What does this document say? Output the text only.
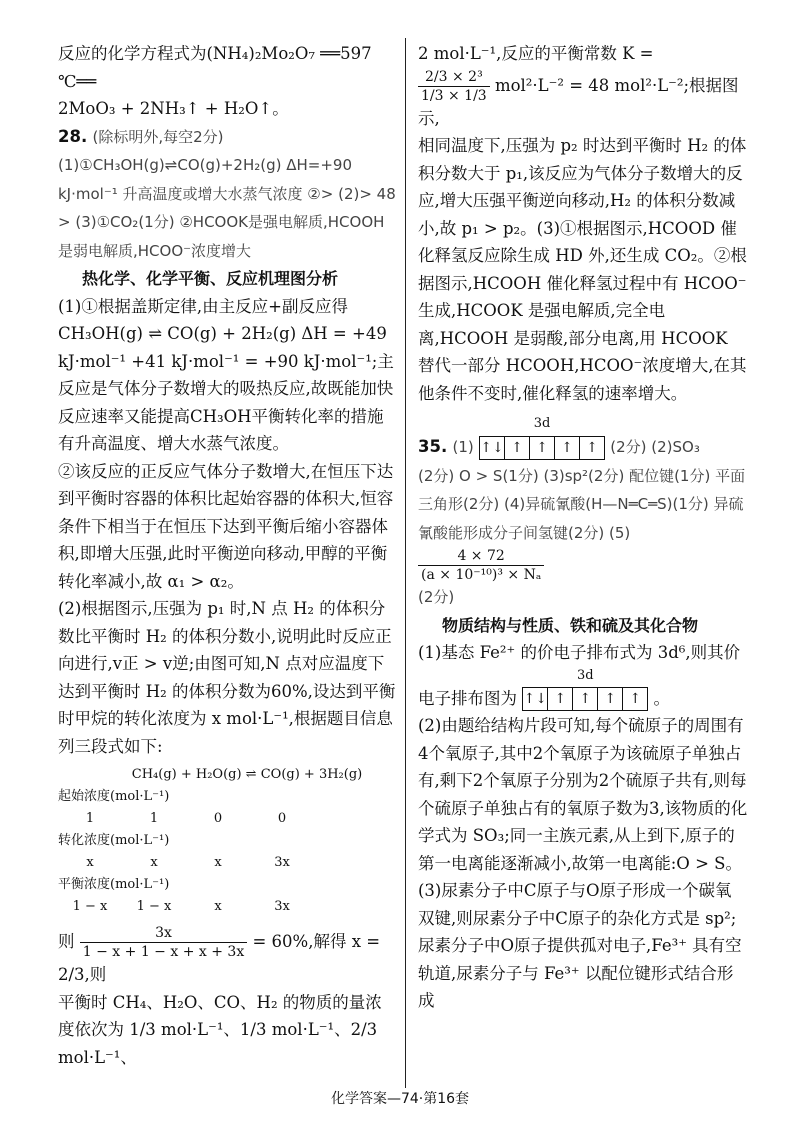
反应的化学方程式为(NH₄)₂Mo₂O₇ ══597 ℃══

2MoO₃ + 2NH₃↑ + H₂O↑。

28. (除标明外,每空2分)(1)①CH₃OH(g)⇌CO(g)+2H₂(g) ΔH=+90 kJ·mol⁻¹ 升高温度或增大水蒸气浓度 ②> (2)> 48 > (3)①CO₂(1分) ②HCOOK是强电解质,HCOOH是弱电解质,HCOO⁻浓度增大

热化学、化学平衡、反应机理图分析

(1)①根据盖斯定律,由主反应+副反应得 CH₃OH(g) ⇌ CO(g) + 2H₂(g) ΔH = +49 kJ·mol⁻¹ +41 kJ·mol⁻¹ = +90 kJ·mol⁻¹;主反应是气体分子数增大的吸热反应,故既能加快反应速率又能提高CH₃OH平衡转化率的措施有升高温度、增大水蒸气浓度。

②该反应的正反应气体分子数增大,在恒压下达到平衡时容器的体积比起始容器的体积大,恒容条件下相当于在恒压下达到平衡后缩小容器体积,即增大压强,此时平衡逆向移动,甲醇的平衡转化率减小,故 α₁ > α₂。

(2)根据图示,压强为 p₁ 时,N 点 H₂ 的体积分数比平衡时 H₂ 的体积分数小,说明此时反应正向进行,v正 > v逆;由图可知,N 点对应温度下达到平衡时 H₂ 的体积分数为60%,设达到平衡时甲烷的转化浓度为 x mol·L⁻¹,根据题目信息列三段式如下:

CH₄(g) + H₂O(g) ⇌ CO(g) + 3H₂(g)
起始浓度(mol·L⁻¹)
1	1	0	0
转化浓度(mol·L⁻¹)
x	x	x	3x
平衡浓度(mol·L⁻¹)
1 − x	1 − x	x	3x

则 $\frac{3x}{1 - x + 1 - x + x + 3x} = 60\%$,解得 x = 2/3,则

平衡时 CH₄、H₂O、CO、H₂ 的物质的量浓度依次为 1/3 mol·L⁻¹、1/3 mol·L⁻¹、2/3 mol·L⁻¹、

2 mol·L⁻¹,反应的平衡常数 K =

$\frac{\text{2/3 × 2³}}{1/3 \times 1/3} mol^2\cdot L^{-2} = 48$ mol²·L⁻²;根据图示,

相同温度下,压强为 p₂ 时达到平衡时 H₂ 的体积分数大于 p₁,该反应为气体分子数增大的反应,增大压强平衡逆向移动,H₂ 的体积分数减小,故 p₁ > p₂。(3)①根据图示,HCOOD 催化释氢反应除生成 HD 外,还生成 CO₂。②根据图示,HCOOH 催化释氢过程中有 HCOO⁻生成,HCOOK 是强电解质,完全电离,HCOOH 是弱酸,部分电离,用 HCOOK 替代一部分 HCOOH,HCOO⁻浓度增大,在其他条件不变时,催化释氢的速率增大。

35. (1)
3d
↑↓ ↑ ↑ ↑ ↑ (2分) (2)SO₃

(2分) O > S(1分) (3)sp²(2分) 配位键(1分) 平面三角形(2分) (4)异硫氰酸(H—N═C═S)(1分) 异硫氰酸能形成分子间氢键(2分) (5)
$\frac{4 \times 72}{\text{(a × 10⁻¹⁰)³ × Nₐ}}$

(2分)

物质结构与性质、铁和硫及其化合物

(1)基态 Fe²⁺ 的价电子排布式为 3d⁶,则其价

电子排布图为
3d
↑↓ ↑ ↑ ↑ ↑ 。

(2)由题给结构片段可知,每个硫原子的周围有4个氧原子,其中2个氧原子为该硫原子单独占有,剩下2个氧原子分别为2个硫原子共有,则每个硫原子单独占有的氧原子数为3,该物质的化学式为 SO₃;同一主族元素,从上到下,原子的第一电离能逐渐减小,故第一电离能:O > S。(3)尿素分子中C原子与O原子形成一个碳氧双键,则尿素分子中C原子的杂化方式是 sp²;尿素分子中O原子提供孤对电子,Fe³⁺ 具有空轨道,尿素分子与 Fe³⁺ 以配位键形式结合形成

化学答案—74·第16套
